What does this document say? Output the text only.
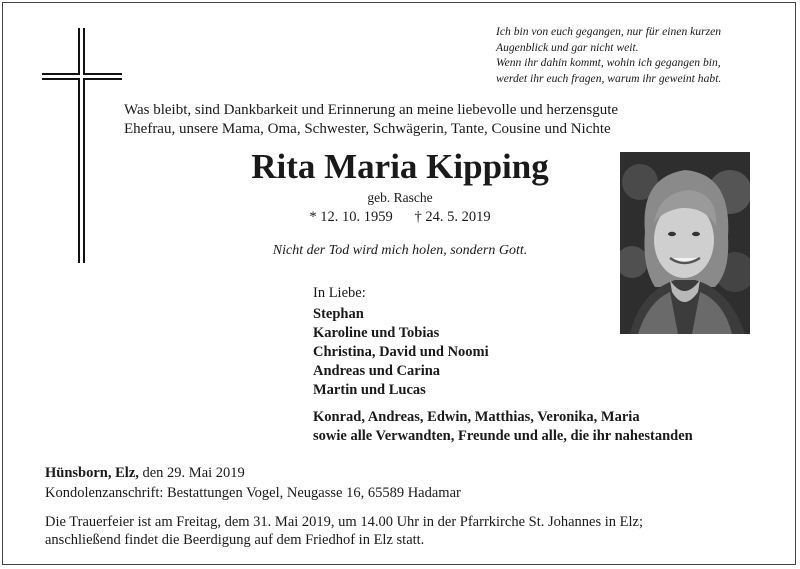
Ich bin von euch gegangen, nur für einen kurzen
Augenblick und gar nicht weit.
Wenn ihr dahin kommt, wohin ich gegangen bin,
werdet ihr euch fragen, warum ihr geweint habt.
Was bleibt, sind Dankbarkeit und Erinnerung an meine liebevolle und herzensgute
Ehefrau, unsere Mama, Oma, Schwester, Schwägerin, Tante, Cousine und Nichte
Rita Maria Kipping
geb. Rasche
* 12. 10. 1959      † 24. 5. 2019
Nicht der Tod wird mich holen, sondern Gott.
In Liebe:
Stephan
Karoline und Tobias
Christina, David und Noomi
Andreas und Carina
Martin und Lucas
Konrad, Andreas, Edwin, Matthias, Veronika, Maria
sowie alle Verwandten, Freunde und alle, die ihr nahestanden
Hünsborn, Elz, den 29. Mai 2019
Kondolenzanschrift: Bestattungen Vogel, Neugasse 16, 65589 Hadamar
Die Trauerfeier ist am Freitag, dem 31. Mai 2019, um 14.00 Uhr in der Pfarrkirche St. Johannes in Elz;
anschließend findet die Beerdigung auf dem Friedhof in Elz statt.
